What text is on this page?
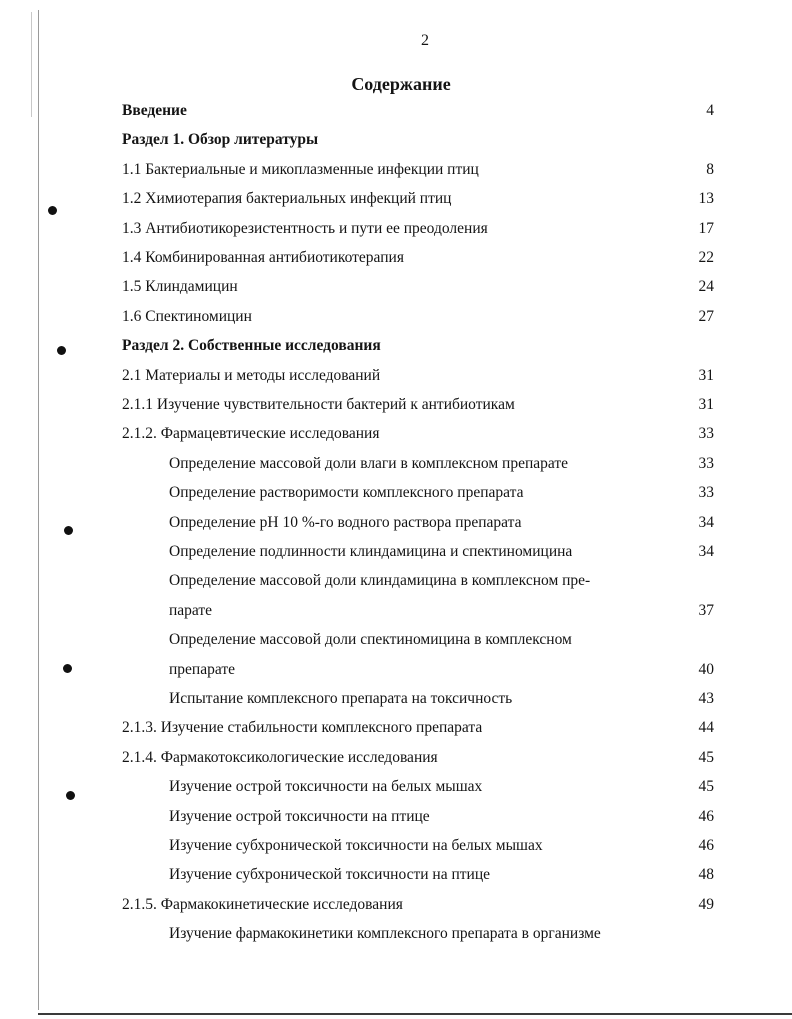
2
Содержание
Введение	4
Раздел 1. Обзор литературы
1.1 Бактериальные и микоплазменные инфекции птиц	8
1.2 Химиотерапия бактериальных инфекций птиц	13
1.3 Антибиотикорезистентность и пути ее преодоления	17
1.4 Комбинированная антибиотикотерапия	22
1.5 Клиндамицин	24
1.6 Спектиномицин	27
Раздел 2. Собственные исследования
2.1 Материалы и методы исследований	31
2.1.1 Изучение чувствительности бактерий к антибиотикам	31
2.1.2. Фармацевтические исследования	33
Определение массовой доли влаги в комплексном препарате	33
Определение растворимости комплексного препарата	33
Определение pH 10 %-го водного раствора препарата	34
Определение подлинности клиндамицина и спектиномицина	34
Определение массовой доли клиндамицина в комплексном пре-
парате	37
Определение массовой доли спектиномицина в комплексном
препарате	40
Испытание комплексного препарата на токсичность	43
2.1.3. Изучение стабильности комплексного препарата	44
2.1.4. Фармакотоксикологические исследования	45
Изучение острой токсичности на белых мышах	45
Изучение острой токсичности на птице	46
Изучение субхронической токсичности на белых мышах	46
Изучение субхронической токсичности на птице	48
2.1.5. Фармакокинетические исследования	49
Изучение фармакокинетики комплексного препарата в организме
